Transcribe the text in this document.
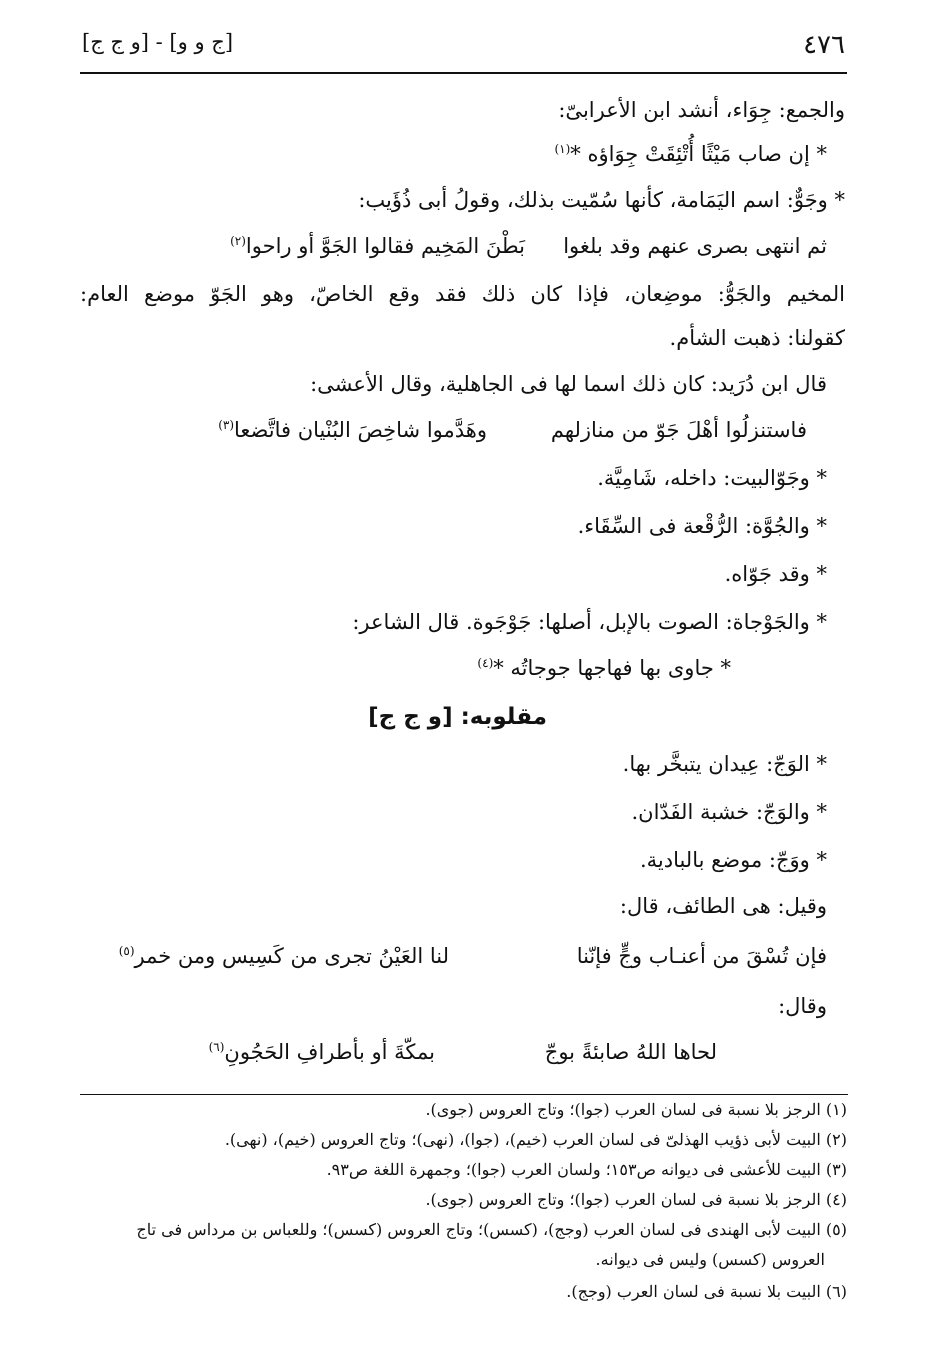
٤٧٦
[ج و و] - [و ج ج]
والجمع: جِوَاء، أنشد ابن الأعرابىّ:
* إن صاب مَيْثًا أُتْئِقَتْ جِوَاؤه *$^{(١)}$
* وجَوٌّ: اسم اليَمَامة، كأنها سُمّيت بذلك، وقولُ أبى ذُؤَيب:
ثم انتهى بصرى عنهم وقد بلغوا
بَطْنَ المَخِيم فقالوا الجَوَّ أو راحوا$^{(٢)}$
المخيم والجَوُّ: موضِعان، فإذا كان ذلك فقد وقع الخاصّ، وهو الجَوّ موضع العام:
كقولنا: ذهبت الشأم.
قال ابن دُرَيد: كان ذلك اسما لها فى الجاهلية، وقال الأعشى:
فاستنزلُوا أهْلَ جَوّ من منازلهم
وهَدَّموا شاخِصَ البُنْيان فاتَّضعا$^{(٣)}$
* وجَوّالبيت: داخله، شَامِيَّة.
* والجُوَّة: الرُّقْعة فى السِّقَاء.
* وقد جَوّاه.
* والجَوْجاة: الصوت بالإبل، أصلها: جَوْجَوة. قال الشاعر:
* جاوى بها فهاجها جوجاتُه *$^{(٤)}$
مقلوبه: [و ج ج]
* الوَجّ: عِيدان يتبخَّر بها.
* والوَجّ: خشبة الفَدّان.
* ووَجّ: موضع بالبادية.
وقيل: هى الطائف، قال:
فإن تُسْقَ من أعنـاب وجٍّ فإنّنا
لنا العَيْنُ تجرى من كَسِيس ومن خمر$^{(٥)}$
وقال:
لحاها اللهُ صابئةً بوجّ
بمكّةَ أو بأطرافِ الحَجُونِ$^{(٦)}$
(١) الرجز بلا نسبة فى لسان العرب (جوا)؛ وتاج العروس (جوى).
(٢) البيت لأبى ذؤيب الهذلىّ فى لسان العرب (خيم)، (جوا)، (نهى)؛ وتاج العروس (خيم)، (نهى).
(٣) البيت للأعشى فى ديوانه ص١٥٣؛ ولسان العرب (جوا)؛ وجمهرة اللغة ص٩٣.
(٤) الرجز بلا نسبة فى لسان العرب (جوا)؛ وتاج العروس (جوى).
(٥) البيت لأبى الهندى فى لسان العرب (وجج)، (كسس)؛ وتاج العروس (كسس)؛ وللعباس بن مرداس فى تاج
العروس (كسس) وليس فى ديوانه.
(٦) البيت بلا نسبة فى لسان العرب (وجج).
